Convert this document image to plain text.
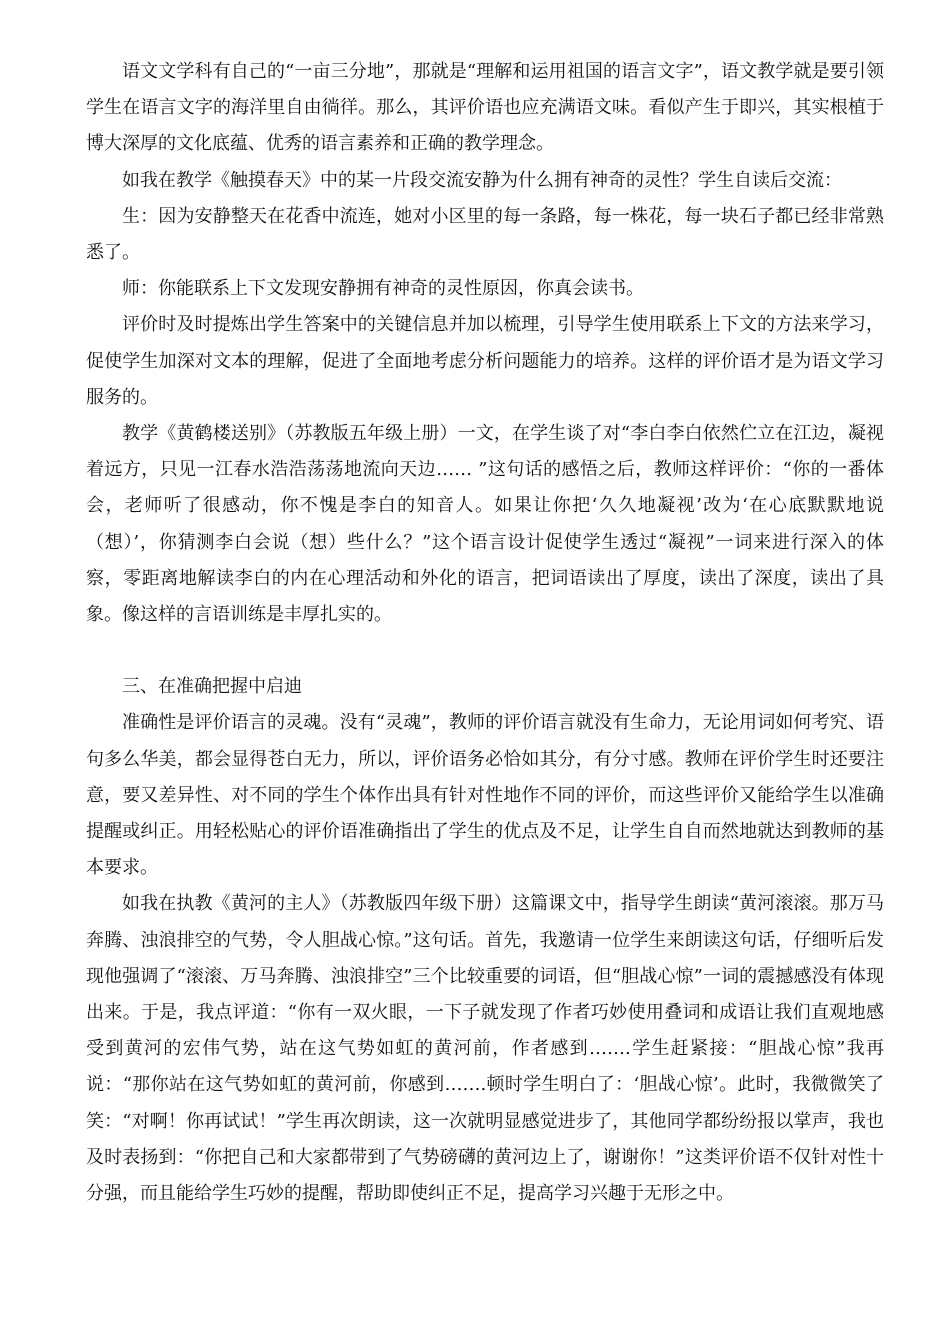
语文文学科有自己的“一亩三分地”，那就是“理解和运用祖国的语言文字”，语文教学就是要引领学生在语言文字的海洋里自由徜徉。那么，其评价语也应充满语文味。看似产生于即兴，其实根植于博大深厚的文化底蕴、优秀的语言素养和正确的教学理念。

如我在教学《触摸春天》中的某一片段交流安静为什么拥有神奇的灵性？学生自读后交流：

生：因为安静整天在花香中流连，她对小区里的每一条路，每一株花，每一块石子都已经非常熟悉了。

师：你能联系上下文发现安静拥有神奇的灵性原因，你真会读书。

评价时及时提炼出学生答案中的关键信息并加以梳理，引导学生使用联系上下文的方法来学习，促使学生加深对文本的理解，促进了全面地考虑分析问题能力的培养。这样的评价语才是为语文学习服务的。

教学《黄鹤楼送别》（苏教版五年级上册）一文，在学生谈了对“李白李白依然伫立在江边，凝视着远方，只见一江春水浩浩荡荡地流向天边…… ”这句话的感悟之后，教师这样评价：“你的一番体会，老师听了很感动，你不愧是李白的知音人。如果让你把‘久久地凝视’改为‘在心底默默地说（想）’，你猜测李白会说（想）些什么？”这个语言设计促使学生透过“凝视”一词来进行深入的体察，零距离地解读李白的内在心理活动和外化的语言，把词语读出了厚度，读出了深度，读出了具象。像这样的言语训练是丰厚扎实的。

三、在准确把握中启迪

准确性是评价语言的灵魂。没有“灵魂”，教师的评价语言就没有生命力，无论用词如何考究、语句多么华美，都会显得苍白无力，所以，评价语务必恰如其分，有分寸感。教师在评价学生时还要注意，要又差异性、对不同的学生个体作出具有针对性地作不同的评价，而这些评价又能给学生以准确提醒或纠正。用轻松贴心的评价语准确指出了学生的优点及不足，让学生自自而然地就达到教师的基本要求。

如我在执教《黄河的主人》（苏教版四年级下册）这篇课文中，指导学生朗读“黄河滚滚。那万马奔腾、浊浪排空的气势，令人胆战心惊。”这句话。首先，我邀请一位学生来朗读这句话，仔细听后发现他强调了“滚滚、万马奔腾、浊浪排空”三个比较重要的词语，但“胆战心惊”一词的震撼感没有体现出来。于是，我点评道：“你有一双火眼，一下子就发现了作者巧妙使用叠词和成语让我们直观地感受到黄河的宏伟气势，站在这气势如虹的黄河前，作者感到…….学生赶紧接：“胆战心惊”我再说：“那你站在这气势如虹的黄河前，你感到…….顿时学生明白了：‘胆战心惊’。此时，我微微笑了笑：“对啊！你再试试！”学生再次朗读，这一次就明显感觉进步了，其他同学都纷纷报以掌声，我也及时表扬到：“你把自己和大家都带到了气势磅礴的黄河边上了，谢谢你！”这类评价语不仅针对性十分强，而且能给学生巧妙的提醒，帮助即使纠正不足，提高学习兴趣于无形之中。
